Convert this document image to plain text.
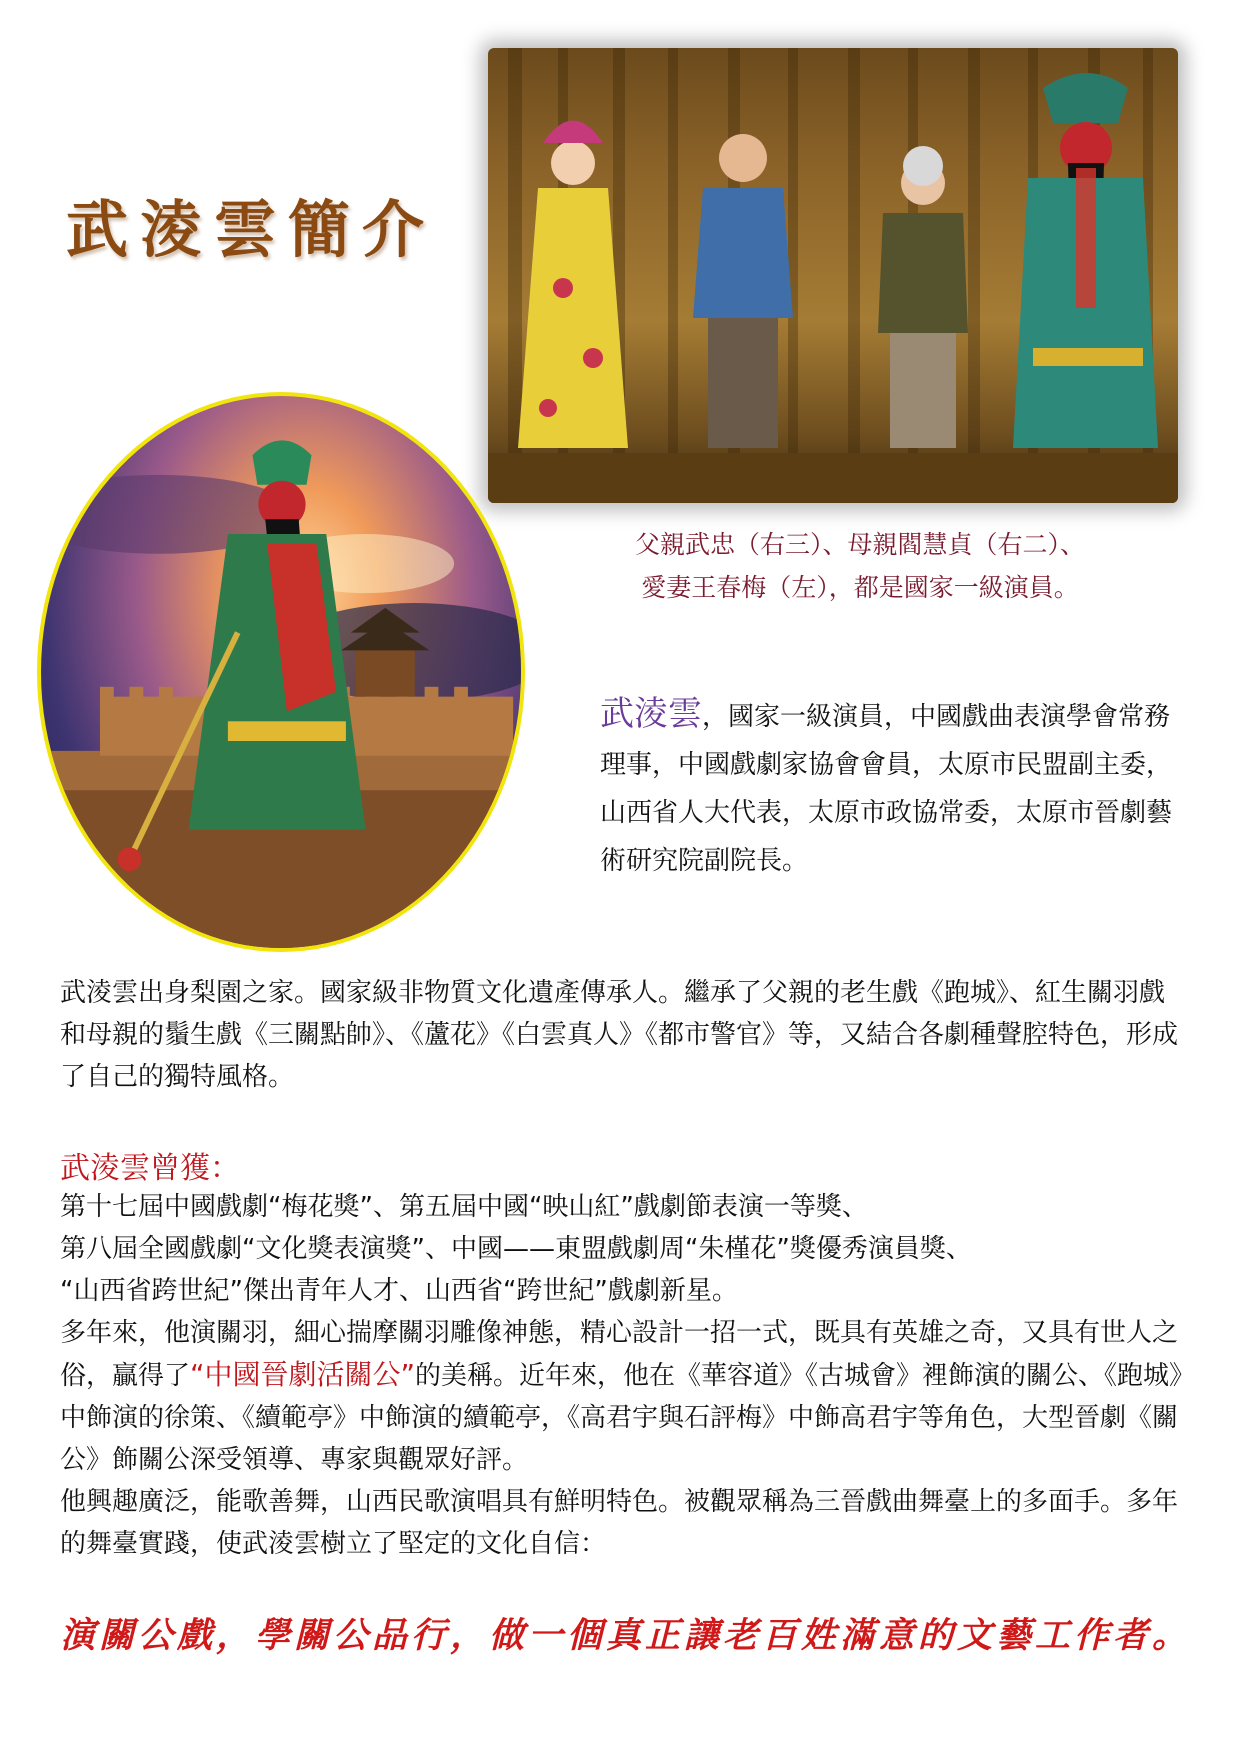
武淩雲簡介
父親武忠（右三）、母親閻慧貞（右二）、
愛妻王春梅（左），都是國家一級演員。
武淩雲，國家一級演員，中國戲曲表演學會常務理事，中國戲劇家協會會員，太原市民盟副主委，山西省人大代表，太原市政協常委，太原市晉劇藝術研究院副院長。
武淩雲出身梨園之家。國家級非物質文化遺產傳承人。繼承了父親的老生戲《跑城》、紅生關羽戲和母親的鬚生戲《三關點帥》、《蘆花》《白雲真人》《都市警官》等，又結合各劇種聲腔特色，形成了自己的獨特風格。
武淩雲曾獲：
第十七屆中國戲劇“梅花獎”、第五屆中國“映山紅”戲劇節表演一等獎、
第八屆全國戲劇“文化獎表演獎”、中國——東盟戲劇周“朱槿花”獎優秀演員獎、
“山西省跨世紀”傑出青年人才、山西省“跨世紀”戲劇新星。
多年來，他演關羽，細心揣摩關羽雕像神態，精心設計一招一式，既具有英雄之奇，又具有世人之俗，贏得了“中國晉劇活關公”的美稱。近年來，他在《華容道》《古城會》裡飾演的關公、《跑城》中飾演的徐策、《續範亭》中飾演的續範亭，《高君宇與石評梅》中飾高君宇等角色，大型晉劇《關公》飾關公深受領導、專家與觀眾好評。
他興趣廣泛，能歌善舞，山西民歌演唱具有鮮明特色。被觀眾稱為三晉戲曲舞臺上的多面手。多年的舞臺實踐，使武淩雲樹立了堅定的文化自信：
演關公戲，學關公品行，做一個真正讓老百姓滿意的文藝工作者。
